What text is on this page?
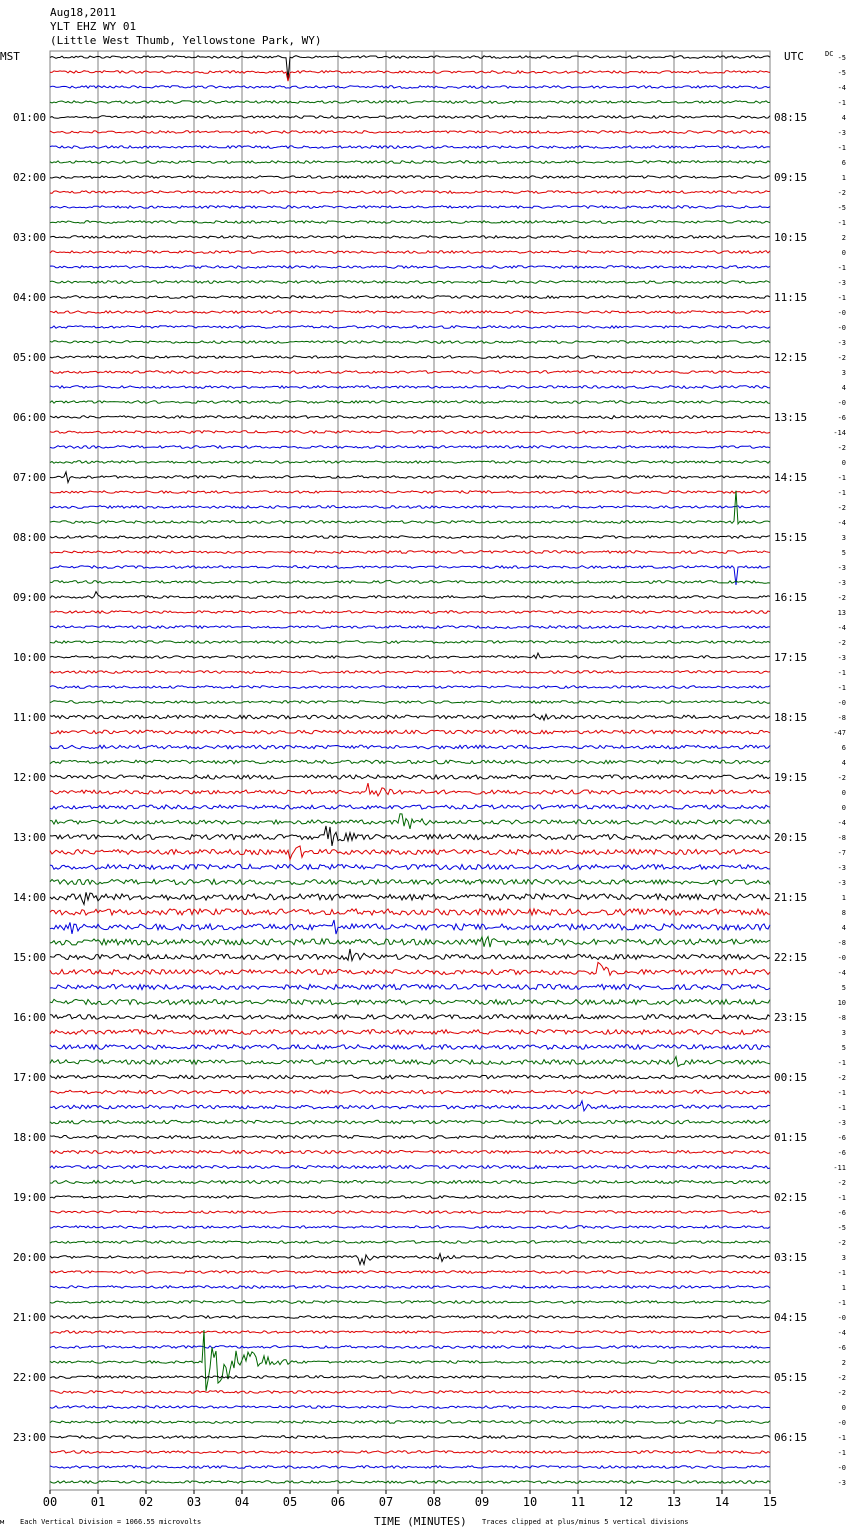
Aug18,2011
YLT EHZ WY 01
(Little West Thumb, Yellowstone Park, WY)
MST	UTC	DC
01:00
02:00
03:00
04:00
05:00
06:00
07:00
08:00
09:00
10:00
11:00
12:00
13:00
14:00
15:00
16:00
17:00
18:00
19:00
20:00
21:00
22:00
23:00
08:15
09:15
10:15
11:15
12:15
13:15
14:15
15:15
16:15
17:15
18:15
19:15
20:15
21:15
22:15
23:15
00:15
01:15
02:15
03:15
04:15
05:15
06:15
-5
-5
-4
-1
4
-3
-1
6
1
-2
-5
-1
2
0
-1
-3
-1
-0
-0
-3
-2
3
4
-0
-6
-14
-2
0
-1
-1
-2
-4
3
5
-3
-3
-2
13
-4
-2
-3
-1
-1
-0
-8
-47
6
4
-2
0
0
-4
-8
-7
-3
-3
1
8
4
-8
-0
-4
5
10
-8
3
5
-1
-2
-1
-1
-3
-6
-6
-11
-2
-1
-6
-5
-2
3
-1
1
-1
-0
-4
-6
2
-2
-2
0
-0
-1
-1
-0
-3
00	01	02	03	04	05	06	07	08	09	10	11	12	13	14	15
м Each Vertical Division = 1066.55 microvolts	TIME (MINUTES) Traces clipped at plus/minus 5 vertical divisions
